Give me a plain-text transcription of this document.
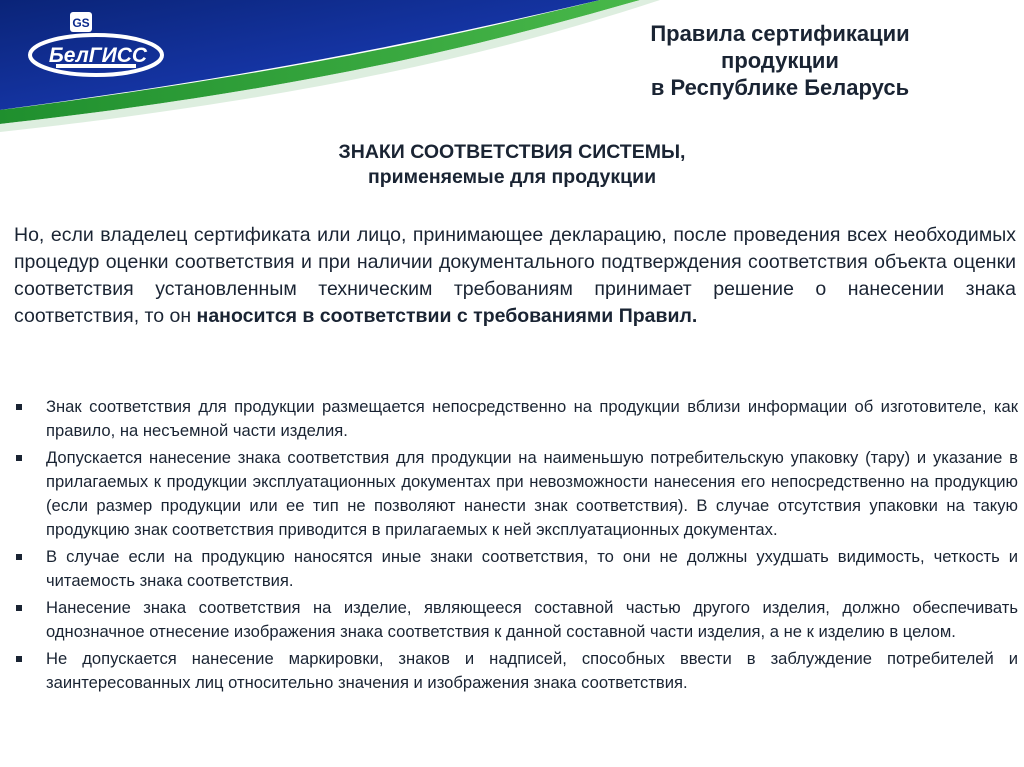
GS
БелГИСС
Правила сертификации
продукции
в Республике Беларусь
ЗНАКИ СООТВЕТСТВИЯ СИСТЕМЫ,
применяемые для продукции

Но, если владелец сертификата или лицо, принимающее декларацию, после проведения всех необходимых процедур оценки соответствия и при наличии документального подтверждения соответствия объекта оценки соответствия установленным техническим требованиям принимает решение о нанесении знака соответствия, то он наносится в соответствии с требованиями Правил.

Знак соответствия для продукции размещается непосредственно на продукции вблизи информации об изготовителе, как правило, на несъемной части изделия.
Допускается нанесение знака соответствия для продукции на наименьшую потребительскую упаковку (тару) и указание в прилагаемых к продукции эксплуатационных документах при невозможности нанесения его непосредственно на продукцию (если размер продукции или ее тип не позволяют нанести знак соответствия). В случае отсутствия упаковки на такую продукцию знак соответствия приводится в прилагаемых к ней эксплуатационных документах.
В случае если на продукцию наносятся иные знаки соответствия, то они не должны ухудшать видимость, четкость и читаемость знака соответствия.
Нанесение знака соответствия на изделие, являющееся составной частью другого изделия, должно обеспечивать однозначное отнесение изображения знака соответствия к данной составной части изделия, а не к изделию в целом.
Не допускается нанесение маркировки, знаков и надписей, способных ввести в заблуждение потребителей и заинтересованных лиц относительно значения и изображения знака соответствия.
